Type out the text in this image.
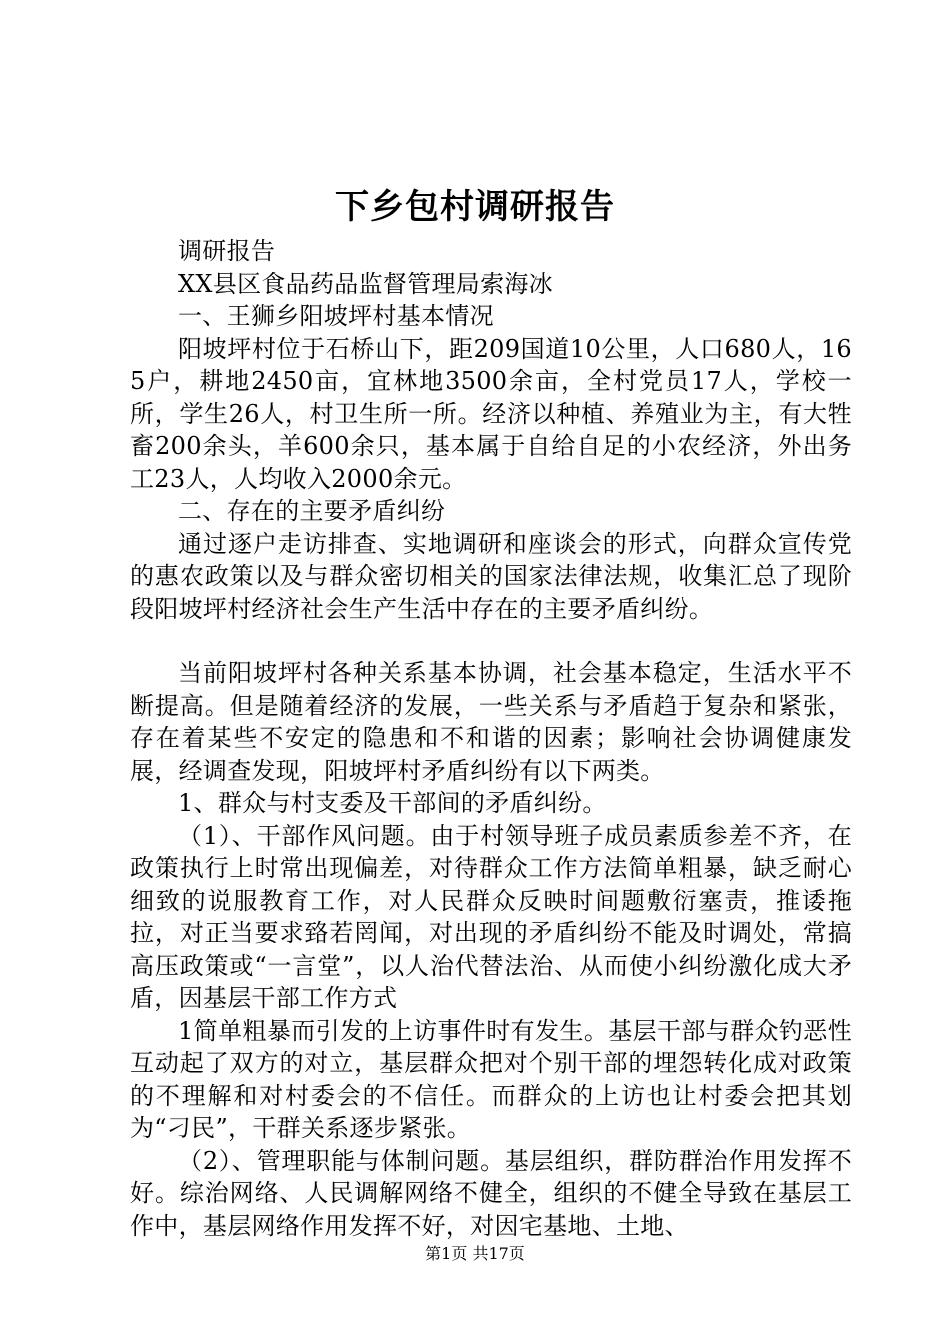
下乡包村调研报告

调研报告

XX县区食品药品监督管理局索海冰

一、王狮乡阳坡坪村基本情况

阳坡坪村位于石桥山下，距209国道10公里，人口680人，165户，耕地2450亩，宜林地3500余亩，全村党员17人，学校一所，学生26人，村卫生所一所。经济以种植、养殖业为主，有大牲畜200余头，羊600余只，基本属于自给自足的小农经济，外出务工23人，人均收入2000余元。

二、存在的主要矛盾纠纷

通过逐户走访排查、实地调研和座谈会的形式，向群众宣传党的惠农政策以及与群众密切相关的国家法律法规，收集汇总了现阶段阳坡坪村经济社会生产生活中存在的主要矛盾纠纷。

当前阳坡坪村各种关系基本协调，社会基本稳定，生活水平不断提高。但是随着经济的发展，一些关系与矛盾趋于复杂和紧张，存在着某些不安定的隐患和不和谐的因素；影响社会协调健康发展，经调查发现，阳坡坪村矛盾纠纷有以下两类。

1、群众与村支委及干部间的矛盾纠纷。

（1）、干部作风问题。由于村领导班子成员素质参差不齐，在政策执行上时常出现偏差，对待群众工作方法简单粗暴，缺乏耐心细致的说服教育工作，对人民群众反映时间题敷衍塞责，推诿拖拉，对正当要求臵若罔闻，对出现的矛盾纠纷不能及时调处，常搞高压政策或“一言堂”，以人治代替法治、从而使小纠纷激化成大矛盾，因基层干部工作方式

1简单粗暴而引发的上访事件时有发生。基层干部与群众钓恶性互动起了双方的对立，基层群众把对个别干部的埋怨转化成对政策的不理解和对村委会的不信任。而群众的上访也让村委会把其划为“刁民”，干群关系逐步紧张。

（2）、管理职能与体制问题。基层组织，群防群治作用发挥不好。综治网络、人民调解网络不健全，组织的不健全导致在基层工作中，基层网络作用发挥不好，对因宅基地、土地、

第1页 共17页
